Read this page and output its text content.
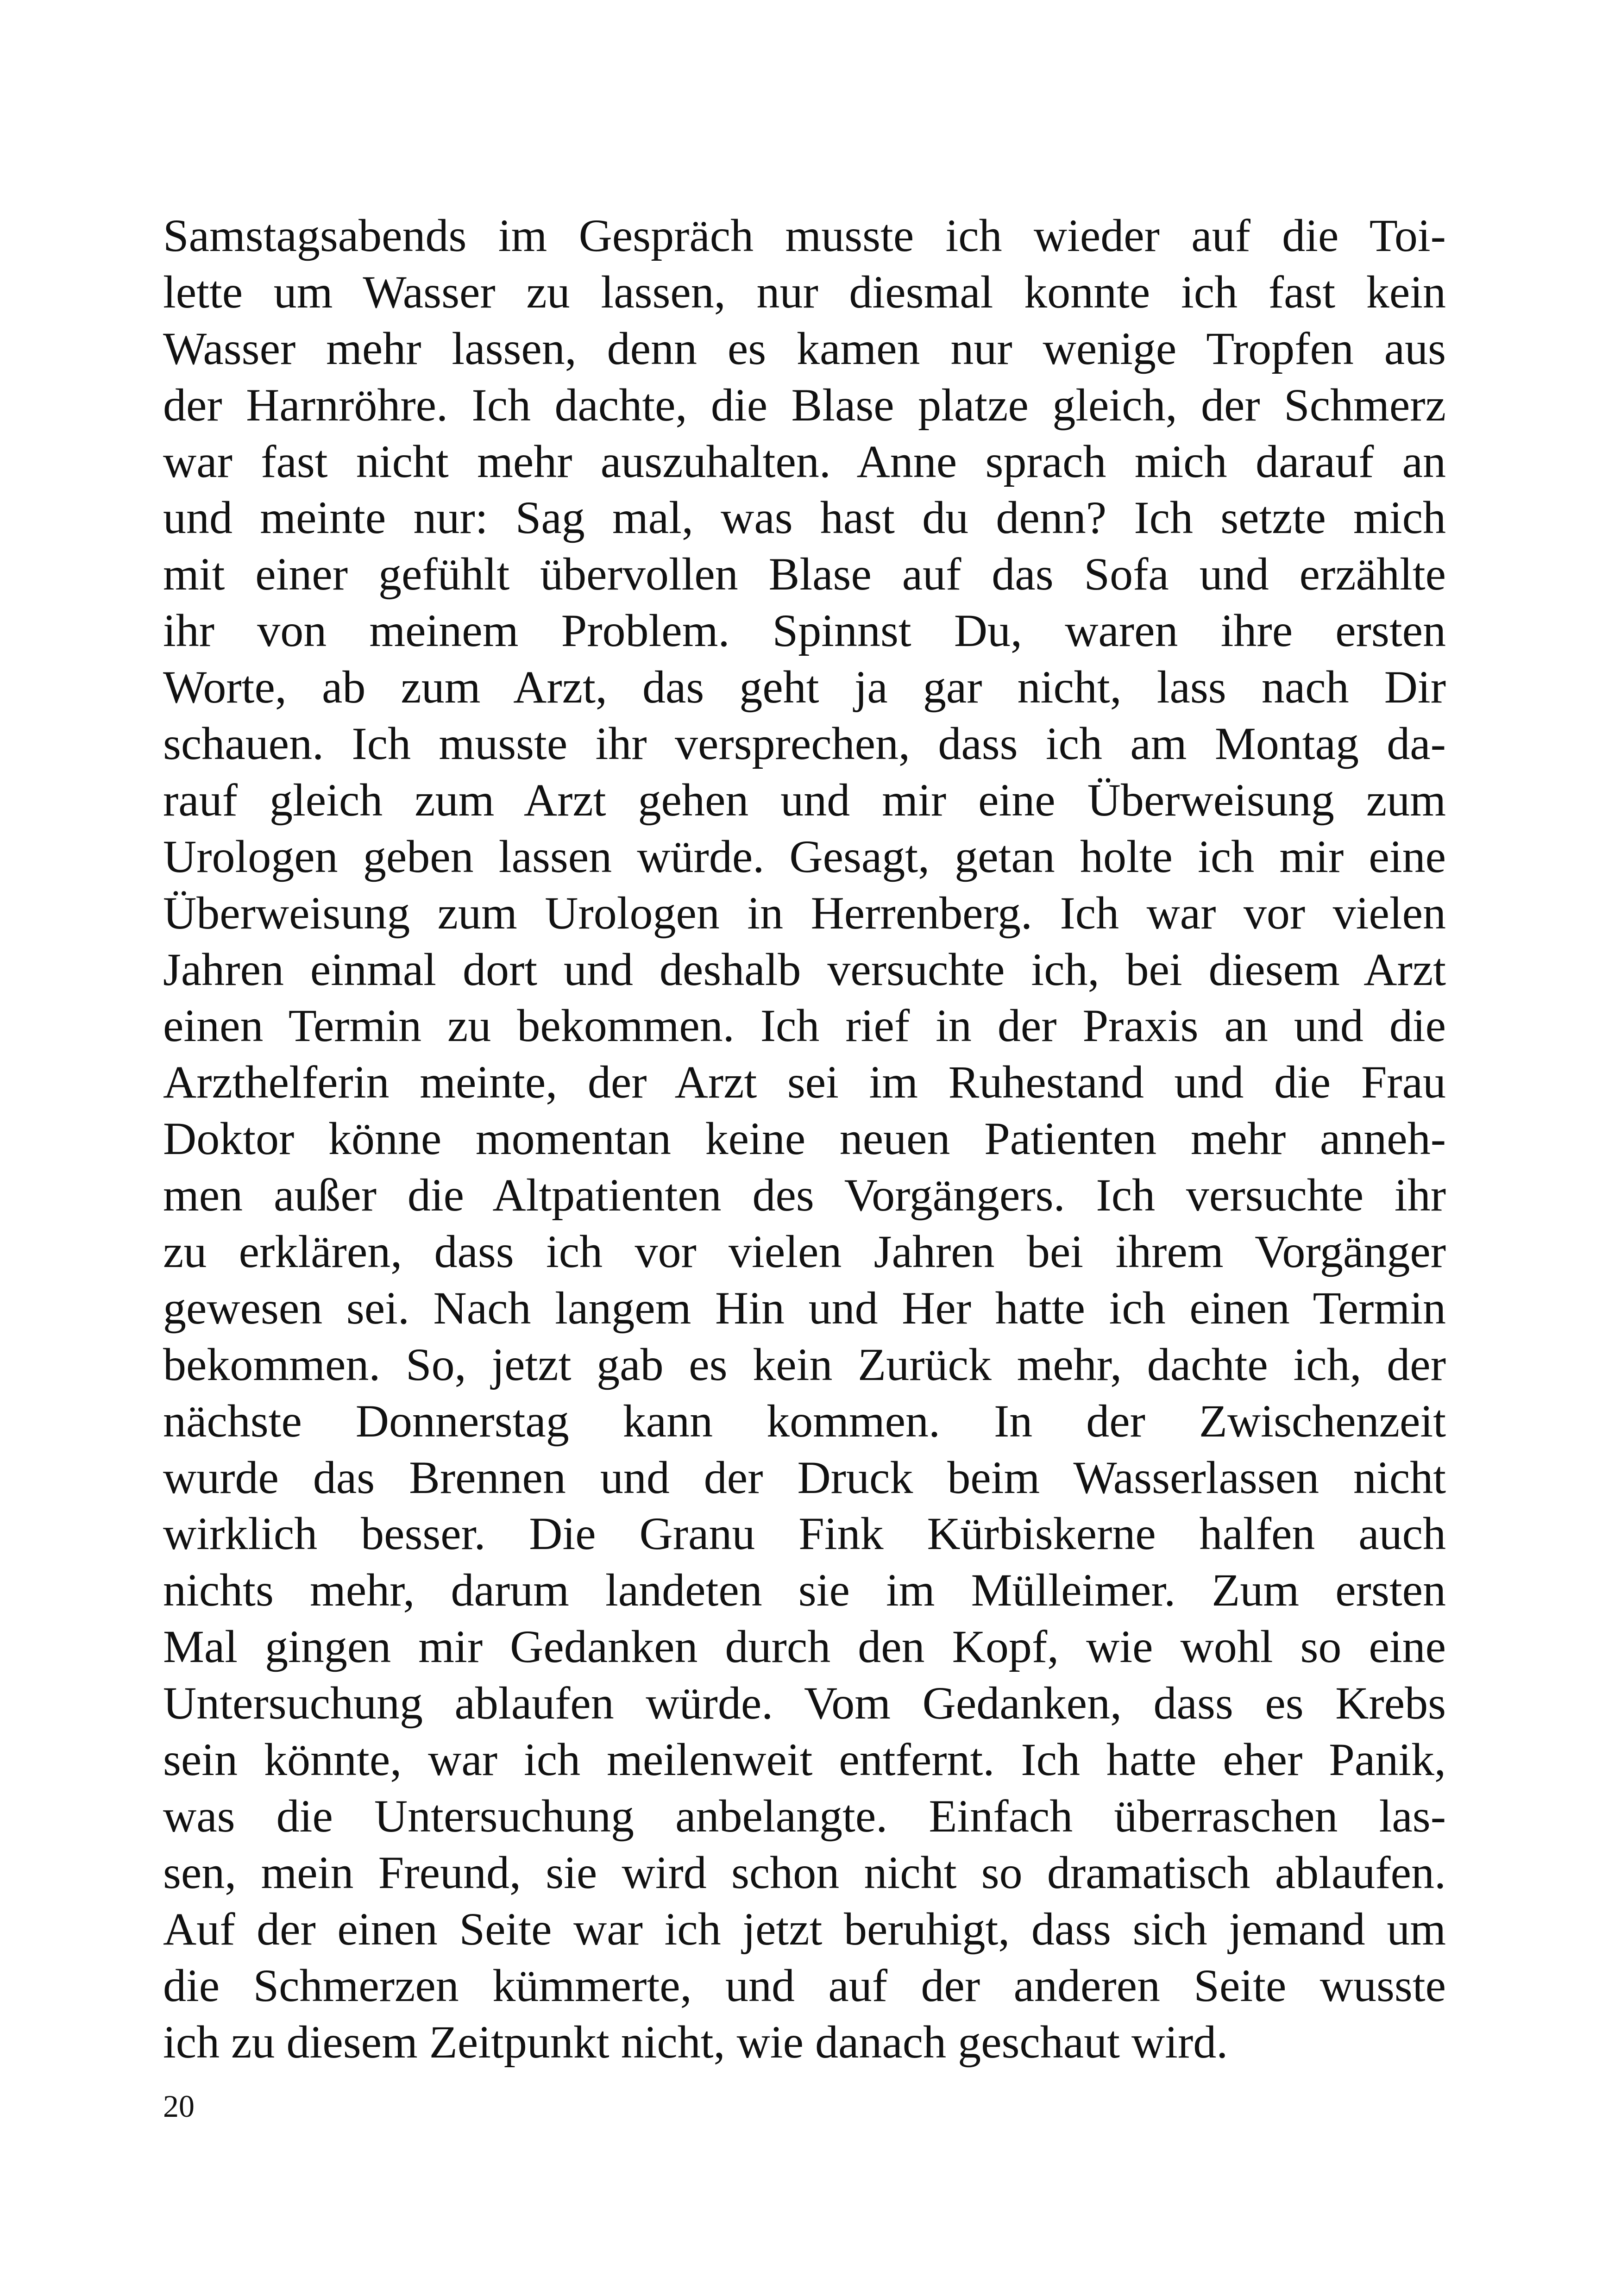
Samstagsabends im Gespräch musste ich wieder auf die Toi-
lette um Wasser zu lassen, nur diesmal konnte ich fast kein
Wasser mehr lassen, denn es kamen nur wenige Tropfen aus
der Harnröhre. Ich dachte, die Blase platze gleich, der Schmerz
war fast nicht mehr auszuhalten. Anne sprach mich darauf an
und meinte nur: Sag mal, was hast du denn? Ich setzte mich
mit einer gefühlt übervollen Blase auf das Sofa und erzählte
ihr von meinem Problem. Spinnst Du, waren ihre ersten
Worte, ab zum Arzt, das geht ja gar nicht, lass nach Dir
schauen. Ich musste ihr versprechen, dass ich am Montag da-
rauf gleich zum Arzt gehen und mir eine Überweisung zum
Urologen geben lassen würde. Gesagt, getan holte ich mir eine
Überweisung zum Urologen in Herrenberg. Ich war vor vielen
Jahren einmal dort und deshalb versuchte ich, bei diesem Arzt
einen Termin zu bekommen. Ich rief in der Praxis an und die
Arzthelferin meinte, der Arzt sei im Ruhestand und die Frau
Doktor könne momentan keine neuen Patienten mehr anneh-
men außer die Altpatienten des Vorgängers. Ich versuchte ihr
zu erklären, dass ich vor vielen Jahren bei ihrem Vorgänger
gewesen sei. Nach langem Hin und Her hatte ich einen Termin
bekommen. So, jetzt gab es kein Zurück mehr, dachte ich, der
nächste Donnerstag kann kommen. In der Zwischenzeit
wurde das Brennen und der Druck beim Wasserlassen nicht
wirklich besser. Die Granu Fink Kürbiskerne halfen auch
nichts mehr, darum landeten sie im Mülleimer. Zum ersten
Mal gingen mir Gedanken durch den Kopf, wie wohl so eine
Untersuchung ablaufen würde. Vom Gedanken, dass es Krebs
sein könnte, war ich meilenweit entfernt. Ich hatte eher Panik,
was die Untersuchung anbelangte. Einfach überraschen las-
sen, mein Freund, sie wird schon nicht so dramatisch ablaufen.
Auf der einen Seite war ich jetzt beruhigt, dass sich jemand um
die Schmerzen kümmerte, und auf der anderen Seite wusste
ich zu diesem Zeitpunkt nicht, wie danach geschaut wird.
20
